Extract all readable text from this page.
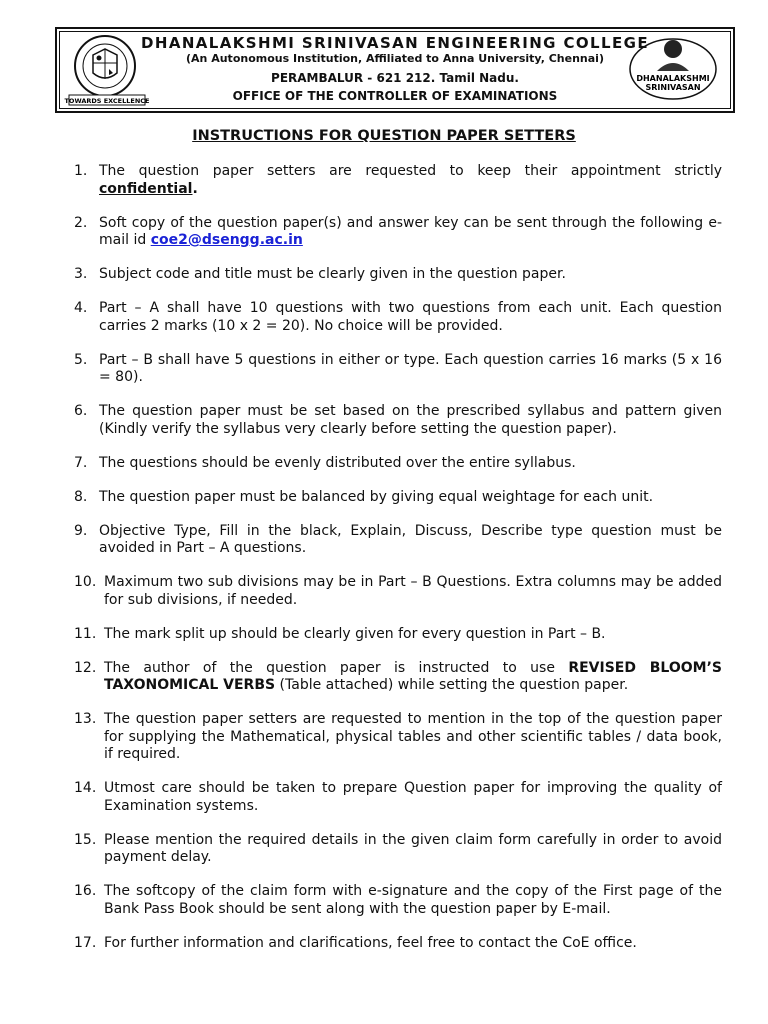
TOWARDS EXCELLENCE
DHANALAKSHMI SRINIVASAN ENGINEERING COLLEGE
(An Autonomous Institution, Affiliated to Anna University, Chennai)
PERAMBALUR - 621 212. Tamil Nadu.
OFFICE OF THE CONTROLLER OF EXAMINATIONS
DHANALAKSHMI
SRINIVASAN
INSTRUCTIONS FOR QUESTION PAPER SETTERS
1. The question paper setters are requested to keep their appointment strictly confidential.
2. Soft copy of the question paper(s) and answer key can be sent through the following e-mail id coe2@dsengg.ac.in
3. Subject code and title must be clearly given in the question paper.
4. Part – A shall have 10 questions with two questions from each unit. Each question carries 2 marks (10 x 2 = 20). No choice will be provided.
5. Part – B shall have 5 questions in either or type. Each question carries 16 marks (5 x 16 = 80).
6. The question paper must be set based on the prescribed syllabus and pattern given (Kindly verify the syllabus very clearly before setting the question paper).
7. The questions should be evenly distributed over the entire syllabus.
8. The question paper must be balanced by giving equal weightage for each unit.
9. Objective Type, Fill in the black, Explain, Discuss, Describe type question must be avoided in Part – A questions.
10. Maximum two sub divisions may be in Part – B Questions. Extra columns may be added for sub divisions, if needed.
11. The mark split up should be clearly given for every question in Part – B.
12. The author of the question paper is instructed to use REVISED BLOOM’S TAXONOMICAL VERBS (Table attached) while setting the question paper.
13. The question paper setters are requested to mention in the top of the question paper for supplying the Mathematical, physical tables and other scientific tables / data book, if required.
14. Utmost care should be taken to prepare Question paper for improving the quality of Examination systems.
15. Please mention the required details in the given claim form carefully in order to avoid payment delay.
16. The softcopy of the claim form with e-signature and the copy of the First page of the Bank Pass Book should be sent along with the question paper by E-mail.
17. For further information and clarifications, feel free to contact the CoE office.
